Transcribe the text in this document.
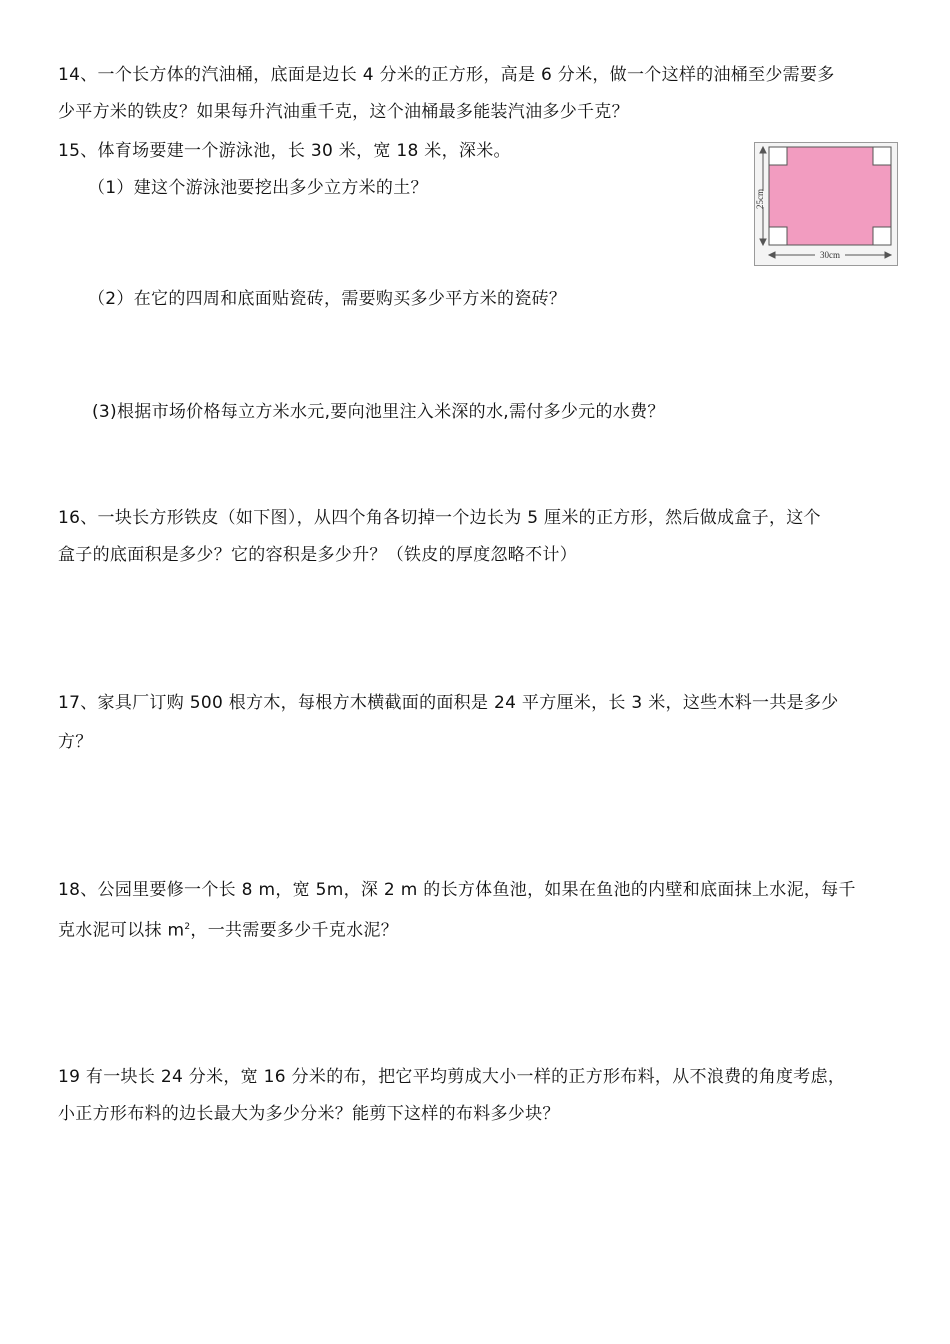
14、一个长方体的汽油桶，底面是边长 4 分米的正方形，高是 6 分米，做一个这样的油桶至少需要多
少平方米的铁皮？如果每升汽油重千克，这个油桶最多能装汽油多少千克？
15、体育场要建一个游泳池，长 30 米，宽 18 米，深米。
（1）建这个游泳池要挖出多少立方米的土？
（2）在它的四周和底面贴瓷砖，需要购买多少平方米的瓷砖？
(3)根据市场价格每立方米水元,要向池里注入米深的水,需付多少元的水费？
25cm
30cm
16、一块长方形铁皮（如下图），从四个角各切掉一个边长为 5 厘米的正方形，然后做成盒子，这个
盒子的底面积是多少？它的容积是多少升？（铁皮的厚度忽略不计）
17、家具厂订购 500 根方木，每根方木横截面的面积是 24 平方厘米，长 3 米，这些木料一共是多少
方？
18、公园里要修一个长 8 m，宽 5m，深 2 m 的长方体鱼池，如果在鱼池的内壁和底面抹上水泥，每千
克水泥可以抹 $m^2$，一共需要多少千克水泥？
19 有一块长 24 分米，宽 16 分米的布，把它平均剪成大小一样的正方形布料，从不浪费的角度考虑，
小正方形布料的边长最大为多少分米？能剪下这样的布料多少块？
